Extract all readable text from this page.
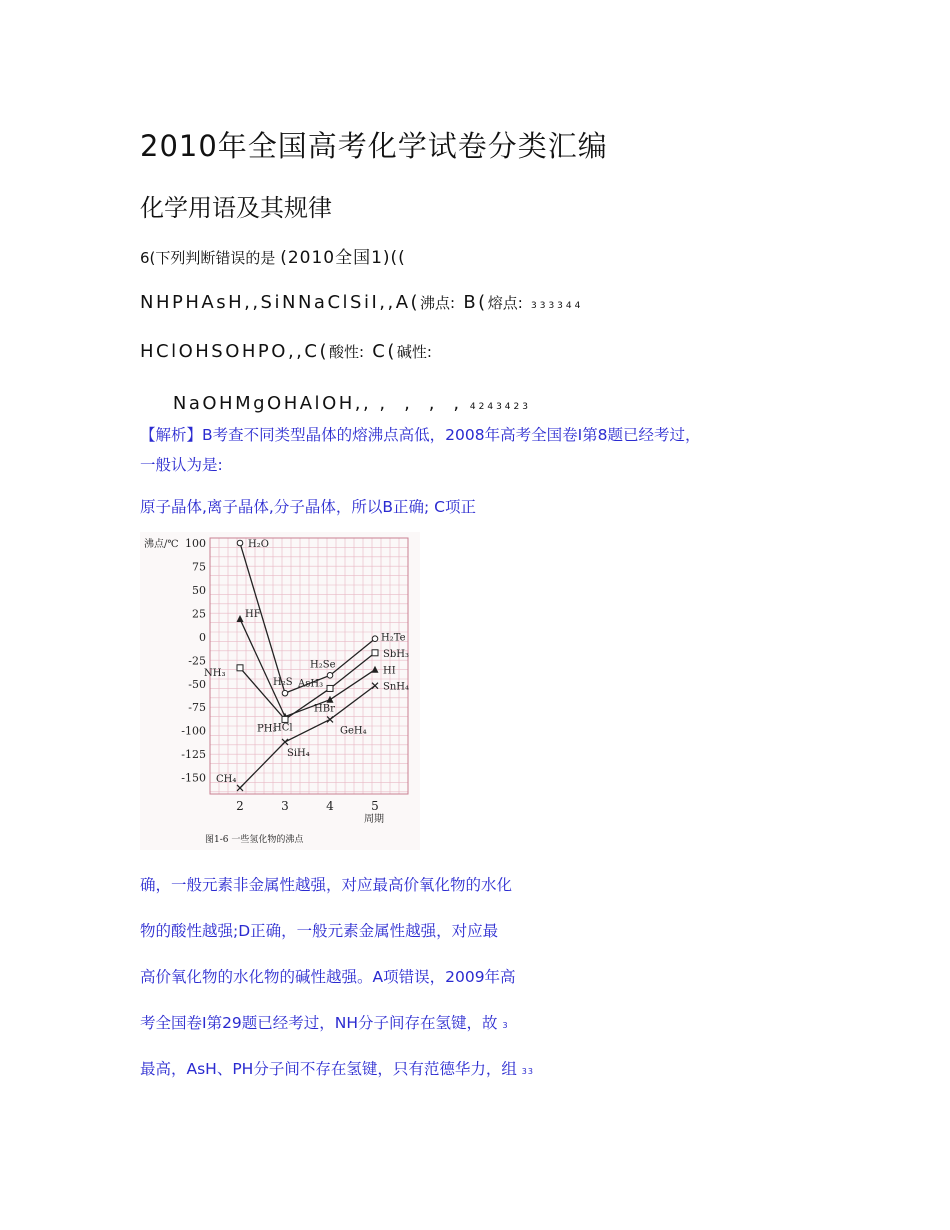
2010年全国高考化学试卷分类汇编
化学用语及其规律
6(下列判断错误的是 (2010全国1)((
NHPHAsH,,SiNNaClSiI,,A(沸点: B(熔点: 333344
HClOHSOHPO,,C(酸性: C(碱性:

NaOHMgOHAlOH,, ,  ,  ,  , 4243423

【解析】B考查不同类型晶体的熔沸点高低，2008年高考全国卷I第8题已经考过，
一般认为是:
原子晶体,离子晶体,分子晶体，所以B正确; C项正
100
75
50
25
0
-25
-50
-75
-100
-125
-150
2	3	4	5
沸点/℃
周期
图1-6 一些氢化物的沸点
H₂O
H₂S
H₂Se
H₂Te
HF
HCl
HBr
HI
NH₃
PH₃
AsH₃
SbH₃
CH₄
SiH₄
GeH₄
SnH₄
确，一般元素非金属性越强，对应最高价氧化物的水化
物的酸性越强;D正确，一般元素金属性越强，对应最
高价氧化物的水化物的碱性越强。A项错误，2009年高
考全国卷I第29题已经考过，NH分子间存在氢键，故 3
最高，AsH、PH分子间不存在氢键，只有范德华力，组 33
